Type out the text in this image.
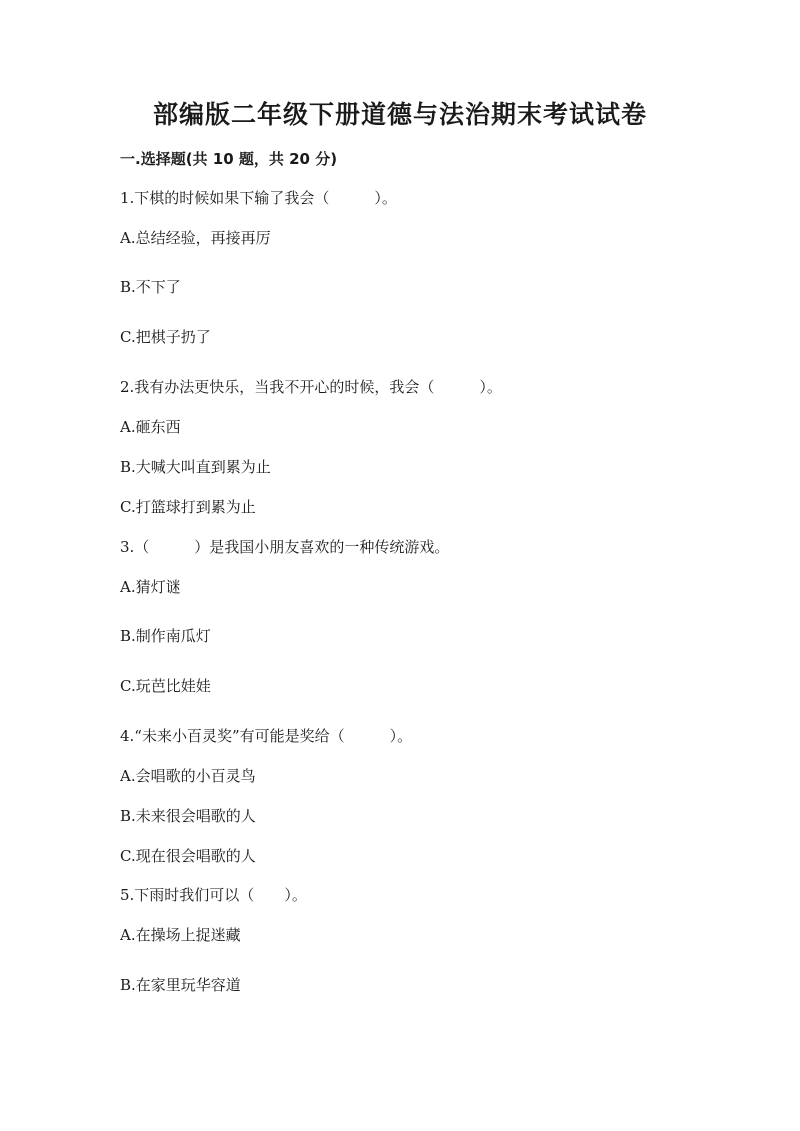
部编版二年级下册道德与法治期末考试试卷
一.选择题(共 10 题，共 20 分)
1.下棋的时候如果下输了我会（　　　）。
A.总结经验，再接再厉
B.不下了
C.把棋子扔了
2.我有办法更快乐，当我不开心的时候，我会（　　　）。
A.砸东西
B.大喊大叫直到累为止
C.打篮球打到累为止
3.（　　　）是我国小朋友喜欢的一种传统游戏。
A.猜灯谜
B.制作南瓜灯
C.玩芭比娃娃
4.“未来小百灵奖”有可能是奖给（　　　）。
A.会唱歌的小百灵鸟
B.未来很会唱歌的人
C.现在很会唱歌的人
5.下雨时我们可以（　　）。
A.在操场上捉迷藏
B.在家里玩华容道
